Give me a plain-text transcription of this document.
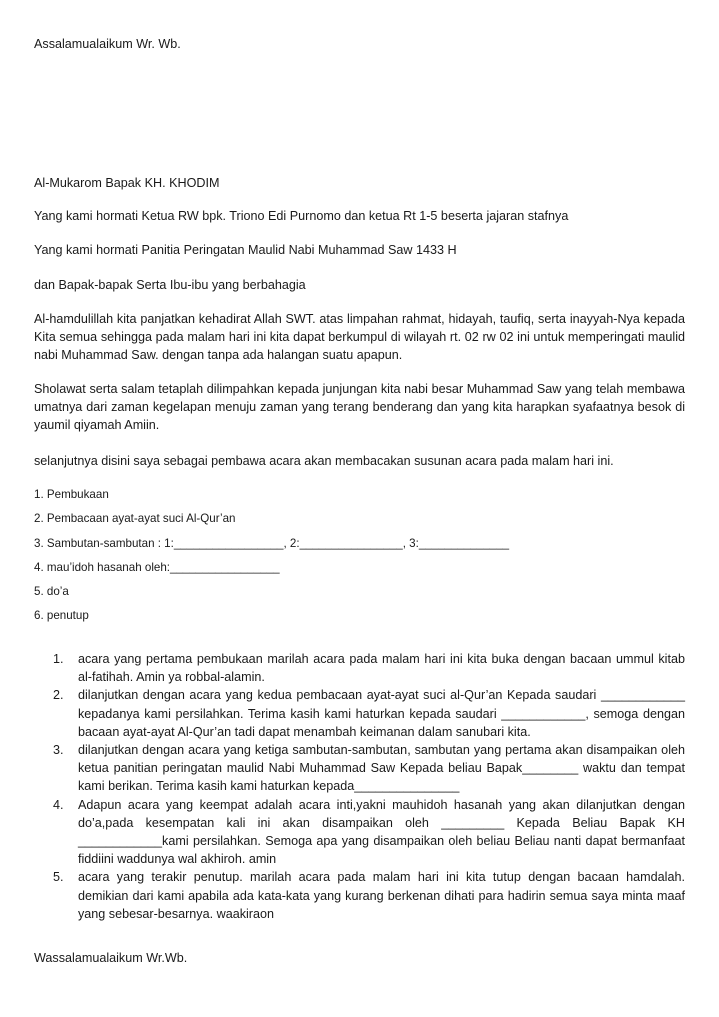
Assalamualaikum Wr. Wb.
Al-Mukarom Bapak KH. KHODIM
Yang kami hormati Ketua RW bpk. Triono Edi Purnomo dan ketua Rt 1-5 beserta jajaran stafnya
Yang kami hormati Panitia Peringatan Maulid Nabi Muhammad Saw 1433 H
dan Bapak-bapak Serta Ibu-ibu yang berbahagia
Al-hamdulillah kita panjatkan kehadirat Allah SWT. atas limpahan rahmat, hidayah, taufiq, serta inayyah-Nya kepada Kita semua sehingga pada malam hari ini kita dapat berkumpul di wilayah rt. 02 rw 02 ini untuk memperingati maulid nabi Muhammad Saw. dengan tanpa ada halangan suatu apapun.
Sholawat serta salam tetaplah dilimpahkan kepada junjungan kita nabi besar Muhammad Saw yang telah membawa umatnya dari zaman kegelapan menuju zaman yang terang benderang dan yang kita harapkan syafaatnya besok di yaumil qiyamah Amiin.
selanjutnya disini saya sebagai pembawa acara akan membacakan susunan acara pada malam hari ini.
1. Pembukaan
2. Pembacaan ayat-ayat suci Al-Qur’an
3. Sambutan-sambutan : 1:_________________, 2:________________, 3:______________
4. mau’idoh hasanah oleh:_________________
5. do’a
6. penutup
1. acara yang pertama pembukaan marilah acara pada malam hari ini kita buka dengan bacaan ummul kitab al-fatihah. Amin ya robbal-alamin.
2. dilanjutkan dengan acara yang kedua pembacaan ayat-ayat suci al-Qur’an Kepada saudari ____________ kepadanya kami persilahkan. Terima kasih kami haturkan kepada saudari ____________, semoga dengan bacaan ayat-ayat Al-Qur’an tadi dapat menambah keimanan dalam sanubari kita.
3. dilanjutkan dengan acara yang ketiga sambutan-sambutan, sambutan yang pertama akan disampaikan oleh ketua panitian peringatan maulid Nabi Muhammad Saw Kepada beliau Bapak________ waktu dan tempat kami berikan. Terima kasih kami haturkan kepada_______________
4. Adapun acara yang keempat adalah acara inti,yakni mauhidoh hasanah yang akan dilanjutkan dengan do’a,pada kesempatan kali ini akan disampaikan oleh _________ Kepada Beliau Bapak KH ____________kami persilahkan. Semoga apa yang disampaikan oleh beliau Beliau nanti dapat bermanfaat fiddiini waddunya wal akhiroh. amin
5. acara yang terakir penutup. marilah acara pada malam hari ini kita tutup dengan bacaan hamdalah. demikian dari kami apabila ada kata-kata yang kurang berkenan dihati para hadirin semua saya minta maaf yang sebesar-besarnya. waakiraon
Wassalamualaikum Wr.Wb.
